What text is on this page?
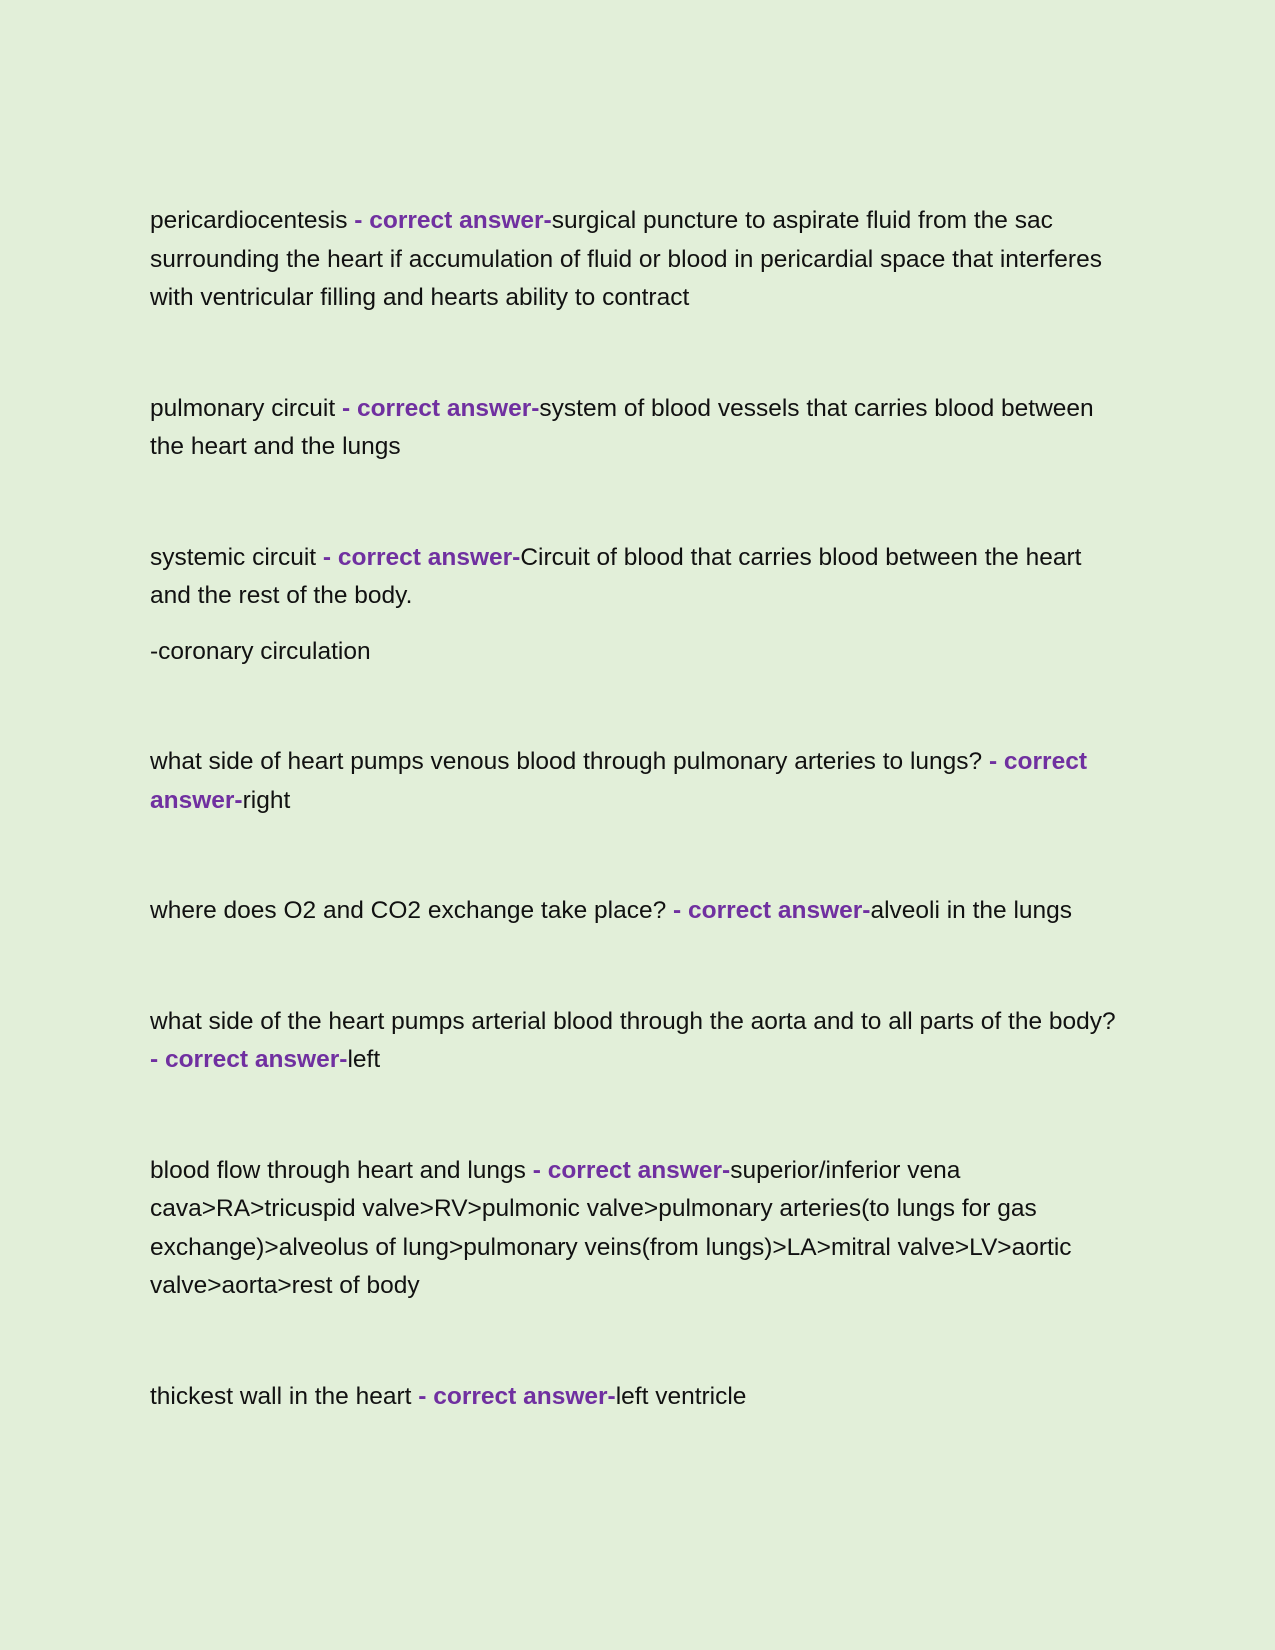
pericardiocentesis - correct answer-surgical puncture to aspirate fluid from the sac surrounding the heart if accumulation of fluid or blood in pericardial space that interferes with ventricular filling and hearts ability to contract

pulmonary circuit - correct answer-system of blood vessels that carries blood between the heart and the lungs

systemic circuit - correct answer-Circuit of blood that carries blood between the heart and the rest of the body.

-coronary circulation

what side of heart pumps venous blood through pulmonary arteries to lungs? - correct answer-right

where does O2 and CO2 exchange take place? - correct answer-alveoli in the lungs

what side of the heart pumps arterial blood through the aorta and to all parts of the body? - correct answer-left

blood flow through heart and lungs - correct answer-superior/inferior vena cava>RA>tricuspid valve>RV>pulmonic valve>pulmonary arteries(to lungs for gas exchange)>alveolus of lung>pulmonary veins(from lungs)>LA>mitral valve>LV>aortic valve>aorta>rest of body

thickest wall in the heart - correct answer-left ventricle
